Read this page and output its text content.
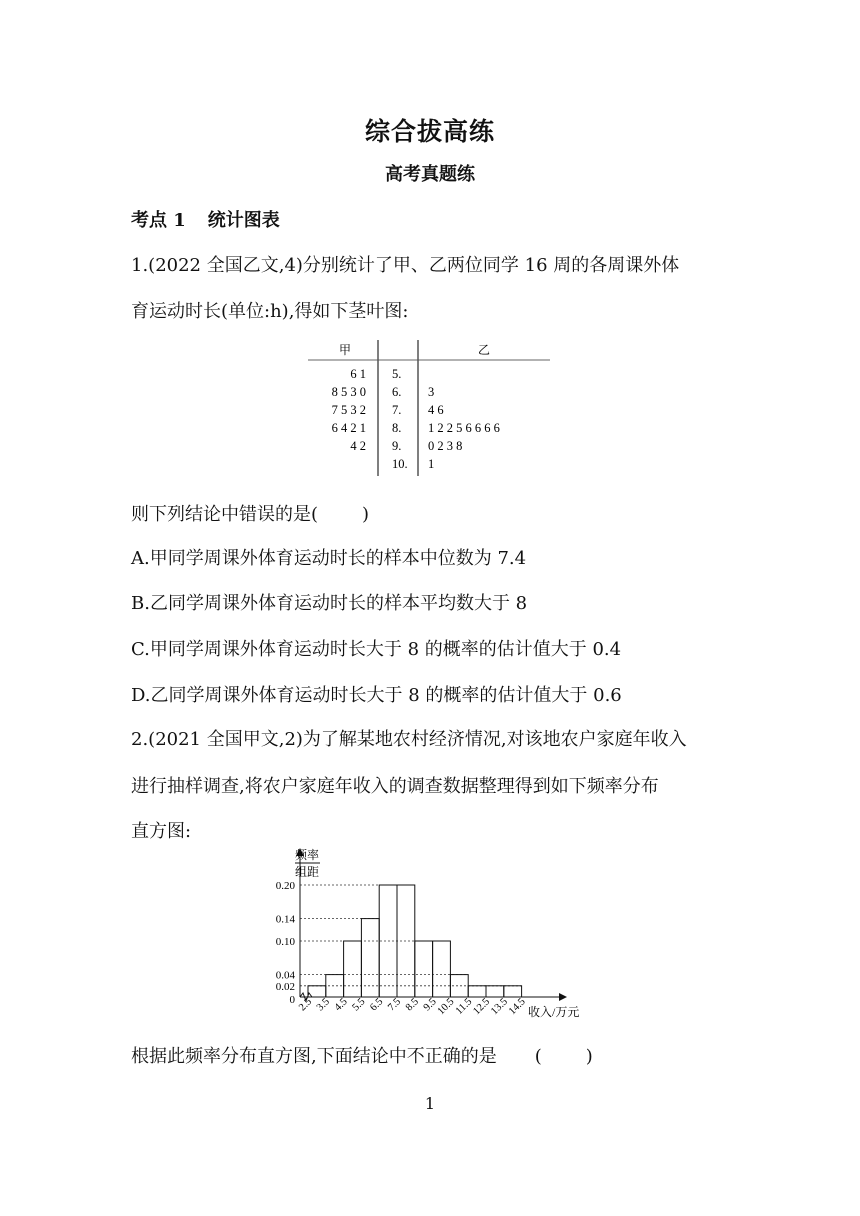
综合拔高练
高考真题练
考点 1 统计图表
1.(2022 全国乙文,4)分别统计了甲、乙两位同学 16 周的各周课外体
育运动时长(单位:h),得如下茎叶图:
甲	乙
6 1 5.
8 5 3 0 6. 3
7 5 3 2 7. 4 6
6 4 2 1 8. 1 2 2 5 6 6 6 6
4 2 9. 0 2 3 8
10. 1
则下列结论中错误的是( )
A.甲同学周课外体育运动时长的样本中位数为 7.4
B.乙同学周课外体育运动时长的样本平均数大于 8
C.甲同学周课外体育运动时长大于 8 的概率的估计值大于 0.4
D.乙同学周课外体育运动时长大于 8 的概率的估计值大于 0.6
2.(2021 全国甲文,2)为了解某地农村经济情况,对该地农户家庭年收入
进行抽样调查,将农户家庭年收入的调查数据整理得到如下频率分布
直方图:
频率
组距
0
0.02
0.04
0.10
0.14
0.20
2.5 3.5 4.5 5.5 6.5 7.5 8.5 9.5
10.5
11.5
12.5
13.5
14.5 收入/万元
根据此频率分布直方图,下面结论中不正确的是 ( )
1
